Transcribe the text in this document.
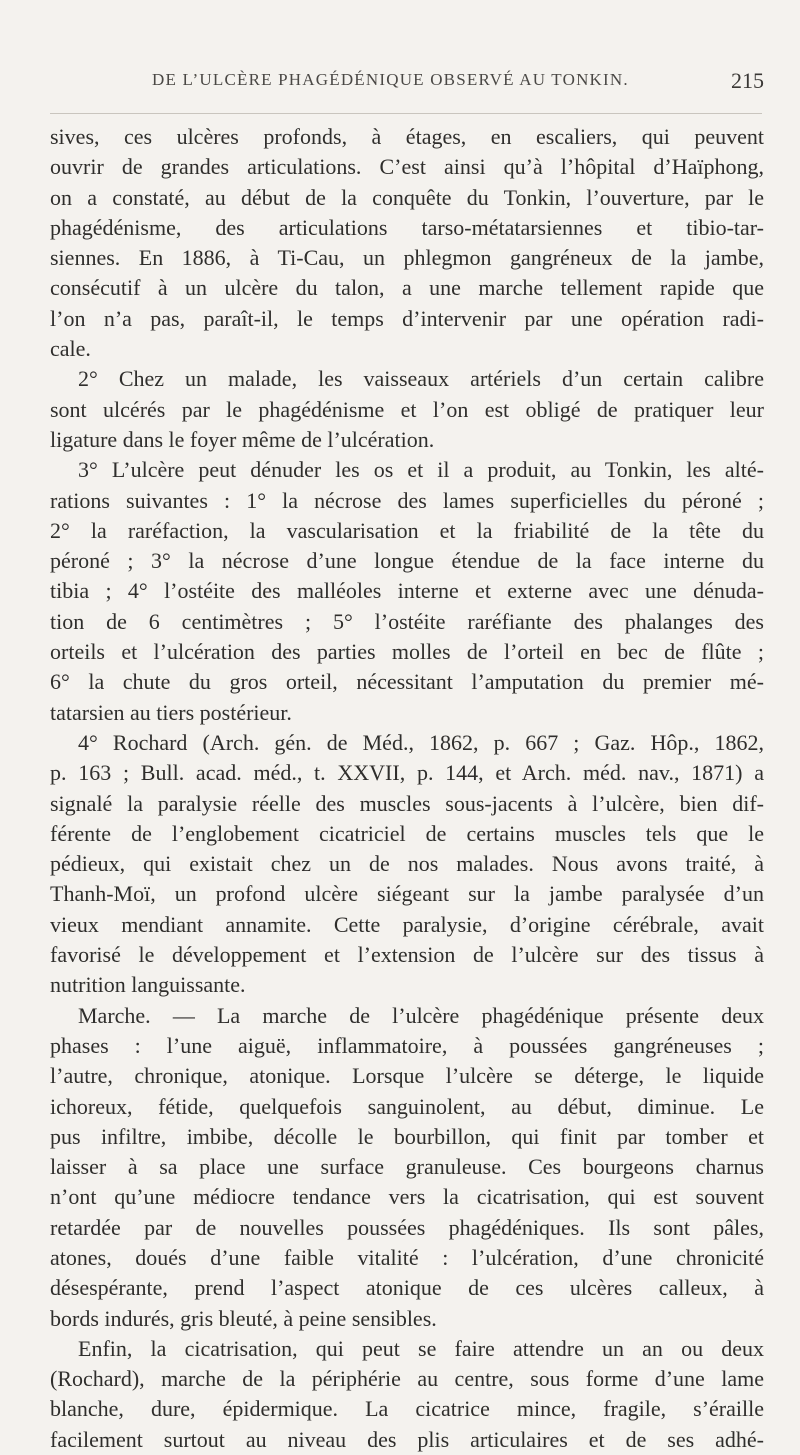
DE L’ULCÈRE PHAGÉDÉNIQUE OBSERVÉ AU TONKIN.	215
sives, ces ulcères profonds, à étages, en escaliers, qui peuvent
ouvrir de grandes articulations. C’est ainsi qu’à l’hôpital d’Haïphong,
on a constaté, au début de la conquête du Tonkin, l’ouverture, par le
phagédénisme, des articulations tarso-métatarsiennes et tibio-tar-
siennes. En 1886, à Ti-Cau, un phlegmon gangréneux de la jambe,
consécutif à un ulcère du talon, a une marche tellement rapide que
l’on n’a pas, paraît-il, le temps d’intervenir par une opération radi-
cale.
2° Chez un malade, les vaisseaux artériels d’un certain calibre
sont ulcérés par le phagédénisme et l’on est obligé de pratiquer leur
ligature dans le foyer même de l’ulcération.
3° L’ulcère peut dénuder les os et il a produit, au Tonkin, les alté-
rations suivantes : 1° la nécrose des lames superficielles du péroné ;
2° la raréfaction, la vascularisation et la friabilité de la tête du
péroné ; 3° la nécrose d’une longue étendue de la face interne du
tibia ; 4° l’ostéite des malléoles interne et externe avec une dénuda-
tion de 6 centimètres ; 5° l’ostéite raréfiante des phalanges des
orteils et l’ulcération des parties molles de l’orteil en bec de flûte ;
6° la chute du gros orteil, nécessitant l’amputation du premier mé-
tatarsien au tiers postérieur.
4° Rochard (Arch. gén. de Méd., 1862, p. 667 ; Gaz. Hôp., 1862,
p. 163 ; Bull. acad. méd., t. XXVII, p. 144, et Arch. méd. nav., 1871) a
signalé la paralysie réelle des muscles sous-jacents à l’ulcère, bien dif-
férente de l’englobement cicatriciel de certains muscles tels que le
pédieux, qui existait chez un de nos malades. Nous avons traité, à
Thanh-Moï, un profond ulcère siégeant sur la jambe paralysée d’un
vieux mendiant annamite. Cette paralysie, d’origine cérébrale, avait
favorisé le développement et l’extension de l’ulcère sur des tissus à
nutrition languissante.
Marche. — La marche de l’ulcère phagédénique présente deux
phases : l’une aiguë, inflammatoire, à poussées gangréneuses ;
l’autre, chronique, atonique. Lorsque l’ulcère se déterge, le liquide
ichoreux, fétide, quelquefois sanguinolent, au début, diminue. Le
pus infiltre, imbibe, décolle le bourbillon, qui finit par tomber et
laisser à sa place une surface granuleuse. Ces bourgeons charnus
n’ont qu’une médiocre tendance vers la cicatrisation, qui est souvent
retardée par de nouvelles poussées phagédéniques. Ils sont pâles,
atones, doués d’une faible vitalité : l’ulcération, d’une chronicité
désespérante, prend l’aspect atonique de ces ulcères calleux, à
bords indurés, gris bleuté, à peine sensibles.
Enfin, la cicatrisation, qui peut se faire attendre un an ou deux
(Rochard), marche de la périphérie au centre, sous forme d’une lame
blanche, dure, épidermique. La cicatrice mince, fragile, s’éraille
facilement surtout au niveau des plis articulaires et de ses adhé-
